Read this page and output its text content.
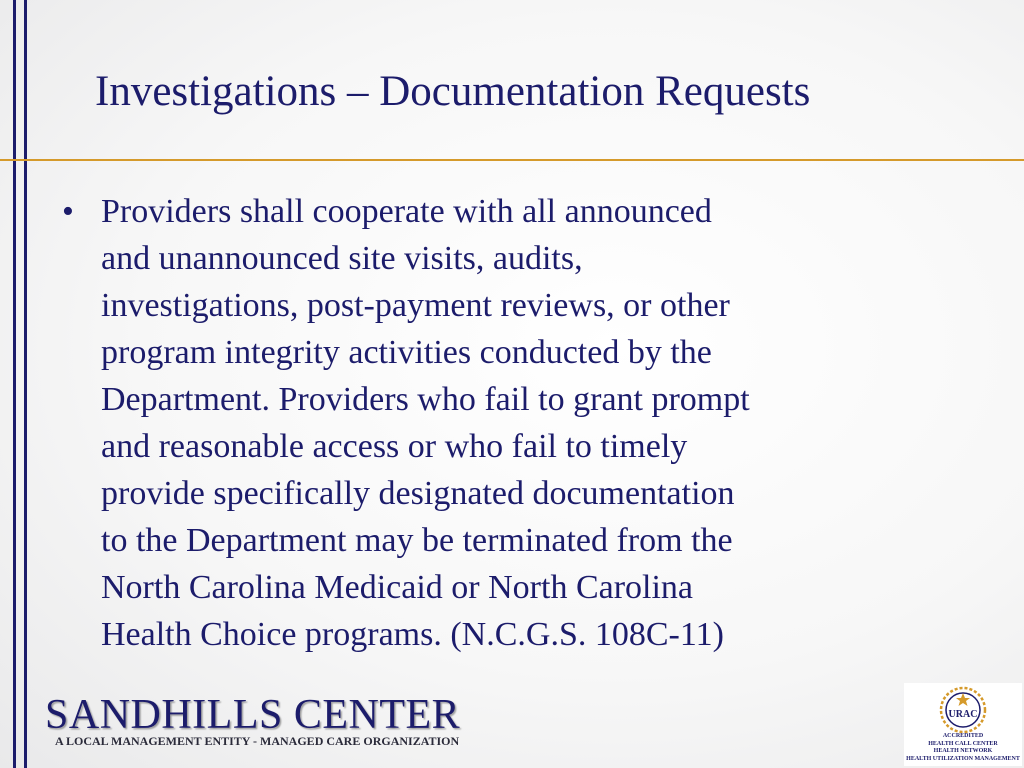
Investigations – Documentation Requests
• Providers shall cooperate with all announced
and unannounced site visits, audits,
investigations, post-payment reviews, or other
program integrity activities conducted by the
Department. Providers who fail to grant prompt
and reasonable access or who fail to timely
provide specifically designated documentation
to the Department may be terminated from the
North Carolina Medicaid or North Carolina
Health Choice programs. (N.C.G.S. 108C-11)
SANDHILLS CENTER
A LOCAL MANAGEMENT ENTITY - MANAGED CARE ORGANIZATION
URAC
ACCREDITED
HEALTH CALL CENTER
HEALTH NETWORK
HEALTH UTILIZATION MANAGEMENT
